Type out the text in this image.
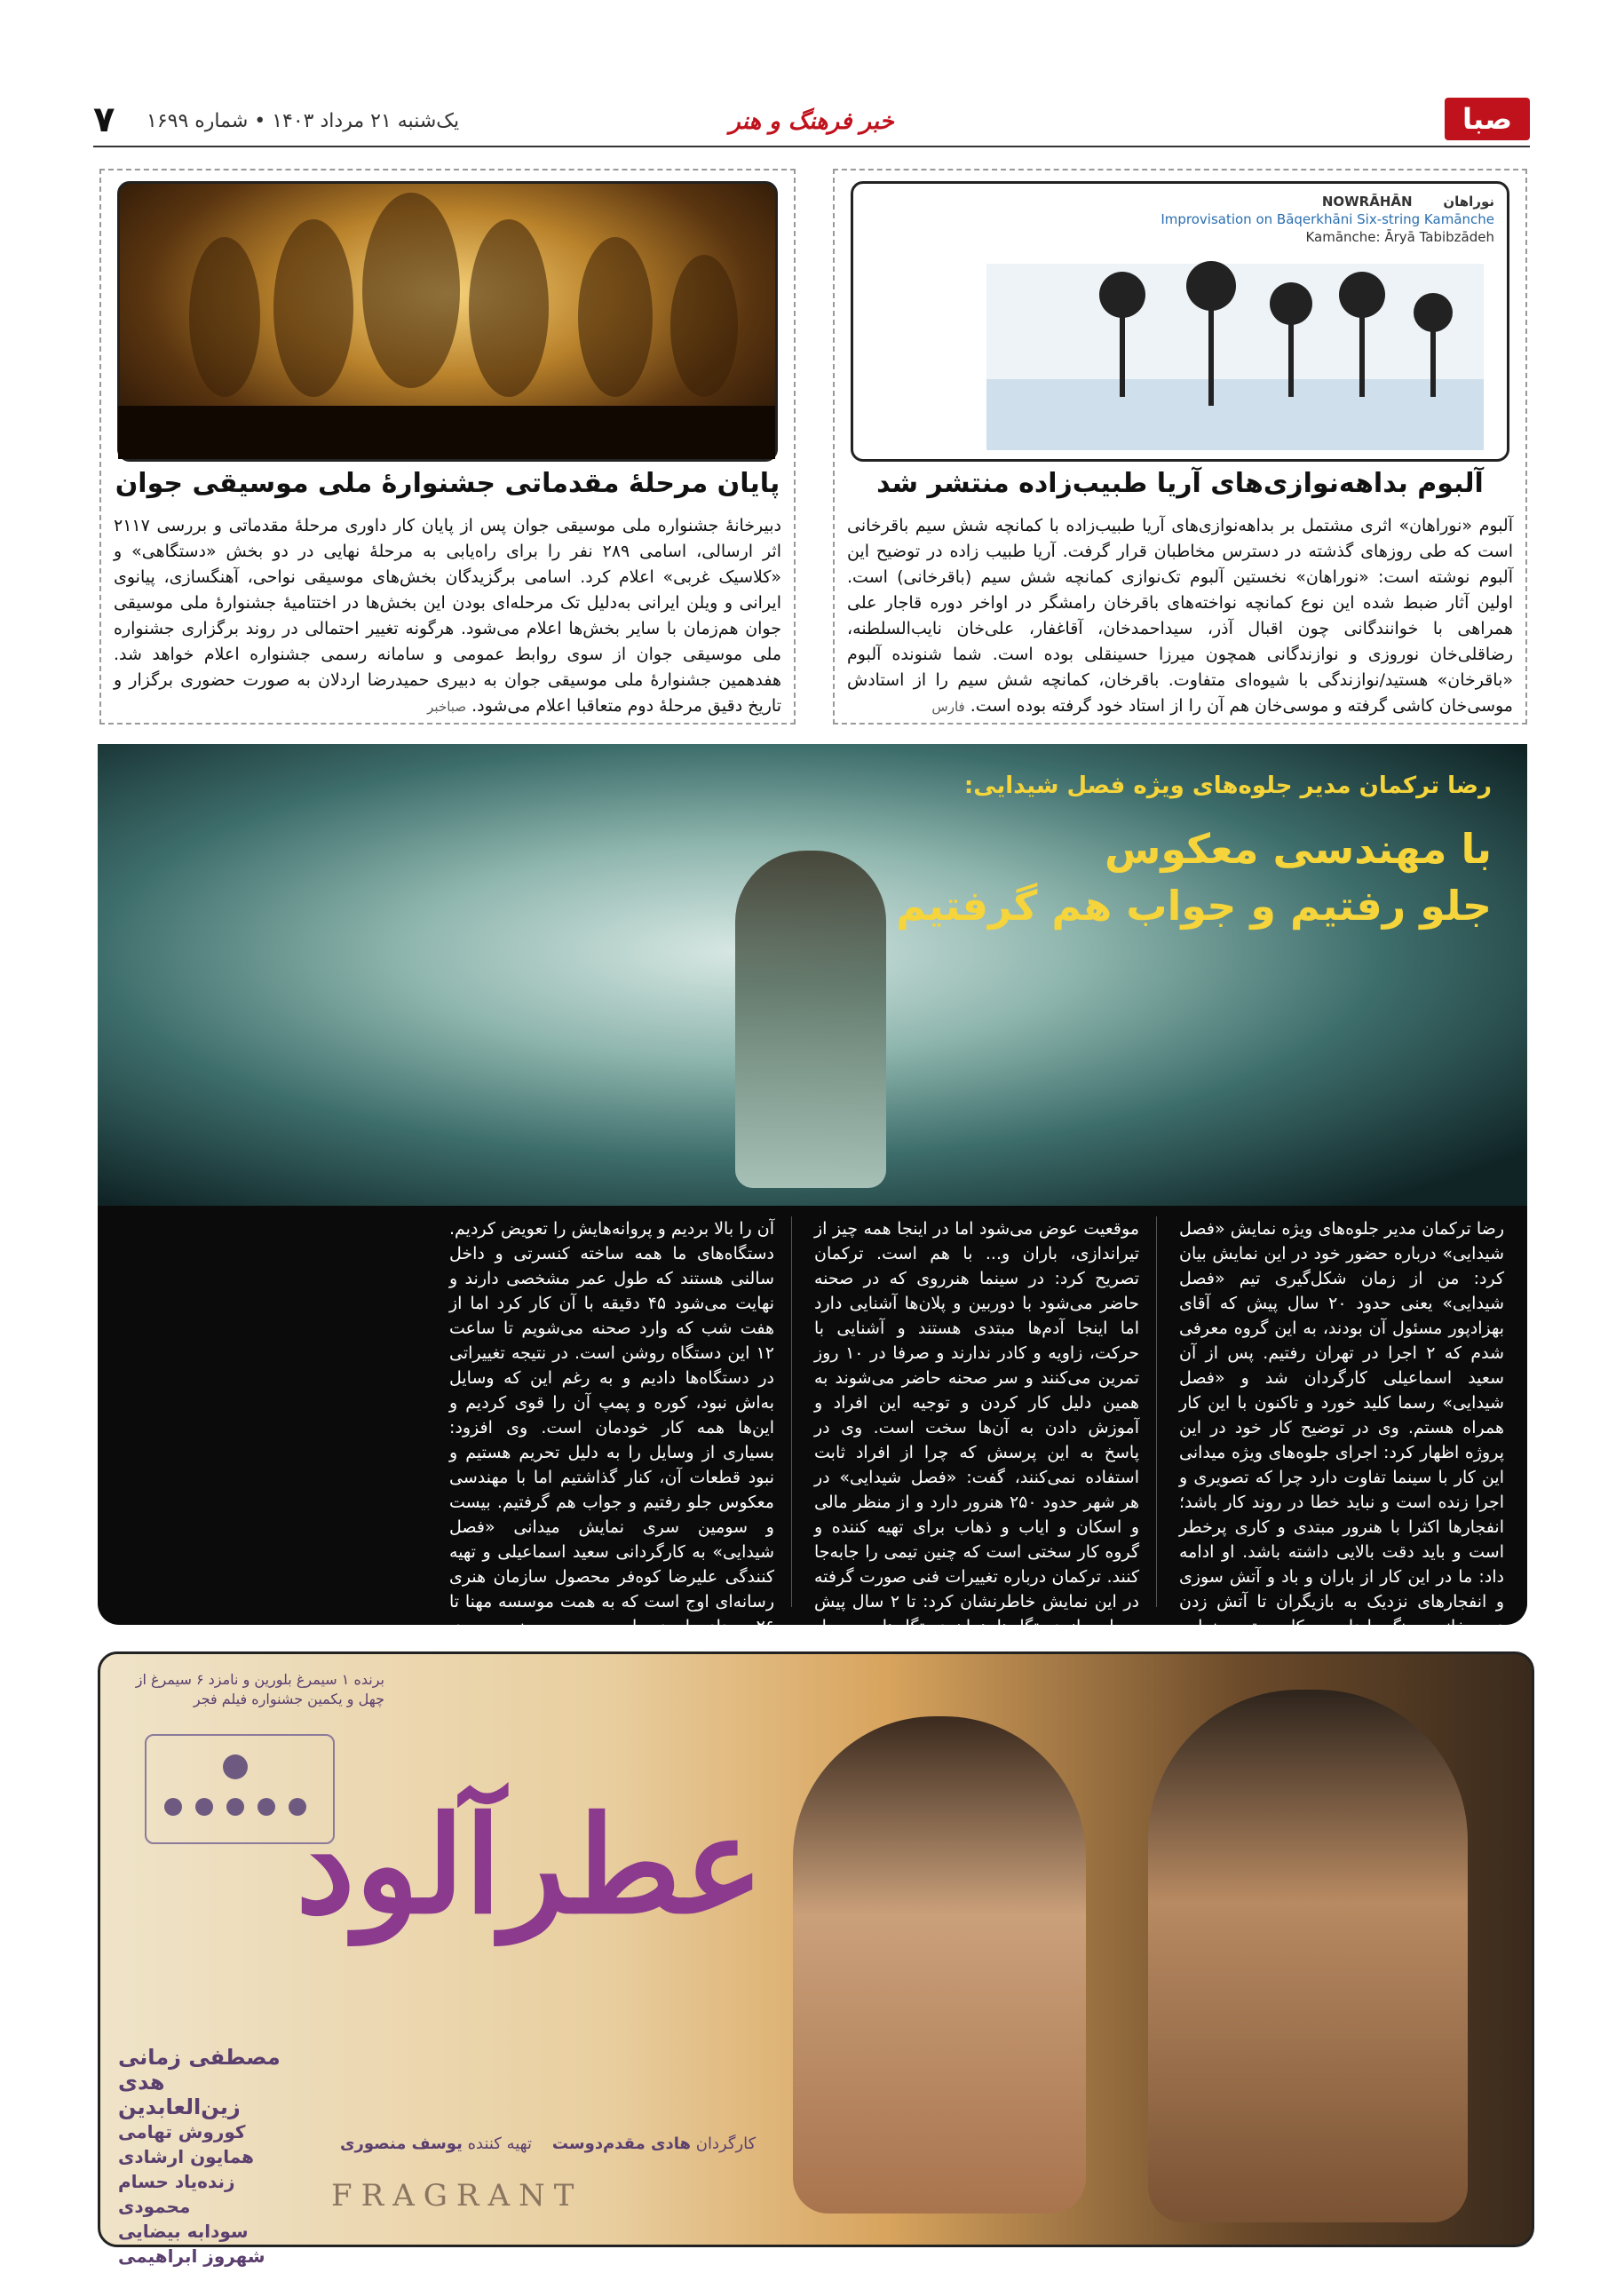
صبا
خبر فرهنگ و هنر
یک‌شنبه ۲۱ مرداد ۱۴۰۳ • شماره ۱۶۹۹
۷
NOWRĀHĀN نوراهان
Improvisation on Bāqerkhāni Six-string Kamānche
Kamānche: Āryā Tabibzādeh
آلبوم بداهه‌نوازی‌های آریا طبیب‌زاده منتشر شد
آلبوم «نوراهان» اثری مشتمل بر بداهه‌نوازی‌های آریا طبیب‌زاده با کمانچه شش سیم باقرخانی است که طی روزهای گذشته در دسترس مخاطبان قرار گرفت. آریا طبیب زاده در توضیح این آلبوم نوشته است: «نوراهان» نخستین آلبوم تک‌نوازی کمانچه شش سیم (باقرخانی) است. اولین آثار ضبط شده این نوع کمانچه نواخته‌های باقرخان رامشگر در اواخر دوره قاجار علی همراهی با خوانندگانی چون اقبال آذر، سیداحمدخان، آقاغفار، علی‌خان نایب‌السلطنه، رضاقلی‌خان نوروزی و نوازندگانی همچون میرزا حسینقلی بوده است. شما شنونده آلبوم «باقرخان» هستید/نوازندگی با شیوه‌ای متفاوت. باقرخان، کمانچه شش سیم را از استادش موسی‌خان کاشی گرفته و موسی‌خان هم آن را از استاد خود گرفته بوده است. فارس
پایان مرحلهٔ مقدماتی جشنوارهٔ ملی موسیقی جوان
دبیرخانهٔ جشنواره ملی موسیقی جوان پس از پایان کار داوری مرحلهٔ مقدماتی و بررسی ۲۱۱۷ اثر ارسالی، اسامی ۲۸۹ نفر را برای راه‌یابی به مرحلهٔ نهایی در دو بخش «دستگاهی» و «کلاسیک غربی» اعلام کرد. اسامی برگزیدگان بخش‌های موسیقی نواحی، آهنگسازی، پیانوی ایرانی و ویلن ایرانی به‌دلیل تک مرحله‌ای بودن این بخش‌ها در اختتامیهٔ جشنوارهٔ ملی موسیقی جوان هم‌زمان با سایر بخش‌ها اعلام می‌شود. هرگونه تغییر احتمالی در روند برگزاری جشنواره ملی موسیقی جوان از سوی روابط عمومی و سامانه رسمی جشنواره اعلام خواهد شد. هفدهمین جشنوارهٔ ملی موسیقی جوان به دبیری حمیدرضا اردلان به صورت حضوری برگزار و تاریخ دقیق مرحلهٔ دوم متعاقبا اعلام می‌شود. صباخبر
رضا ترکمان مدیر جلوه‌های ویژه فصل شیدایی:
با مهندسی معکوس
جلو رفتیم و جواب هم گرفتیم
رضا ترکمان مدیر جلوه‌های ویژه نمایش «فصل شیدایی» درباره حضور خود در این نمایش بیان کرد: من از زمان شکل‌گیری تیم «فصل شیدایی» یعنی حدود ۲۰ سال پیش که آقای بهزادپور مسئول آن بودند، به این گروه معرفی شدم که ۲ اجرا در تهران رفتیم. پس از آن سعید اسماعیلی کارگردان شد و «فصل شیدایی» رسما کلید خورد و تاکنون با این کار همراه هستم. وی در توضیح کار خود در این پروژه اظهار کرد: اجرای جلوه‌های ویژه میدانی این کار با سینما تفاوت دارد چرا که تصویری و اجرا زنده است و نباید خطا در روند کار باشد؛ انفجارها اکثرا با هنرور مبتدی و کاری پرخطر است و باید دقت بالایی داشته باشد. او ادامه داد: ما در این کار از باران و باد و آتش سوزی و انفجارهای نزدیک به بازیگران تا آتش زدن درب خانه و جنگ را داریم و کل بسته سینمایی
موقعیت عوض می‌شود اما در اینجا همه چیز از تیراندازی، باران و... با هم است. ترکمان تصریح کرد: در سینما هنرروی که در صحنه حاضر می‌شود با دوربین و پلان‌ها آشنایی دارد اما اینجا آدم‌ها مبتدی هستند و آشنایی با حرکت، زاویه و کادر ندارند و صرفا در ۱۰ روز تمرین می‌کنند و سر صحنه حاضر می‌شوند به همین دلیل کار کردن و توجیه این افراد و آموزش دادن به آن‌ها سخت است. وی در پاسخ به این پرسش که چرا از افراد ثابت استفاده نمی‌کنند، گفت: «فصل شیدایی» در هر شهر حدود ۲۵۰ هنرور دارد و از منظر مالی و اسکان و ایاب و ذهاب برای تهیه کننده و گروه کار سختی است که چنین تیمی را جابه‌جا کنند. ترکمان درباره تغییرات فنی صورت گرفته در این نمایش خاطرنشان کرد: تا ۲ سال پیش بسیاری از دستگاه‌ها همان دستگاه‌های معمول
آن را بالا بردیم و پروانه‌هایش را تعویض کردیم. دستگاه‌های ما همه ساخته کنسرتی و داخل سالنی هستند که طول عمر مشخصی دارند و نهایت می‌شود ۴۵ دقیقه با آن کار کرد اما از هفت شب که وارد صحنه می‌شویم تا ساعت ۱۲ این دستگاه روشن است. در نتیجه تغییراتی در دستگاه‌ها دادیم و به رغم این که وسایل به‌اش نبود، کوره و پمپ آن را قوی کردیم و این‌ها همه کار خودمان است. وی افزود: بسیاری از وسایل را به دلیل تحریم هستیم و نبود قطعات آن، کنار گذاشتیم اما با مهندسی معکوس جلو رفتیم و جواب هم گرفتیم. بیست و سومین سری نمایش میدانی «فصل شیدایی» به کارگردانی سعید اسماعیلی و تهیه کنندگی علیرضا کوه‌فر محصول سازمان هنری رسانه‌ای اوج است که به همت موسسه مهنا تا ۲۶ مرداد ماه در پاسوج روی صحنه می‌رود.
برنده ۱ سیمرغ بلورین و نامزد ۶ سیمرغ از چهل و یکمین جشنواره فیلم فجر
عطرآلود
FRAGRANT
مصطفی زمانی
هدی زین‌العابدین
کوروش تهامی
همایون ارشادی
زنده‌یاد حسام محمودی
سودابه بیضایی
شهروز ابراهیمی
کارگردان هادی مقدم‌دوست    تهیه کننده یوسف منصوری
